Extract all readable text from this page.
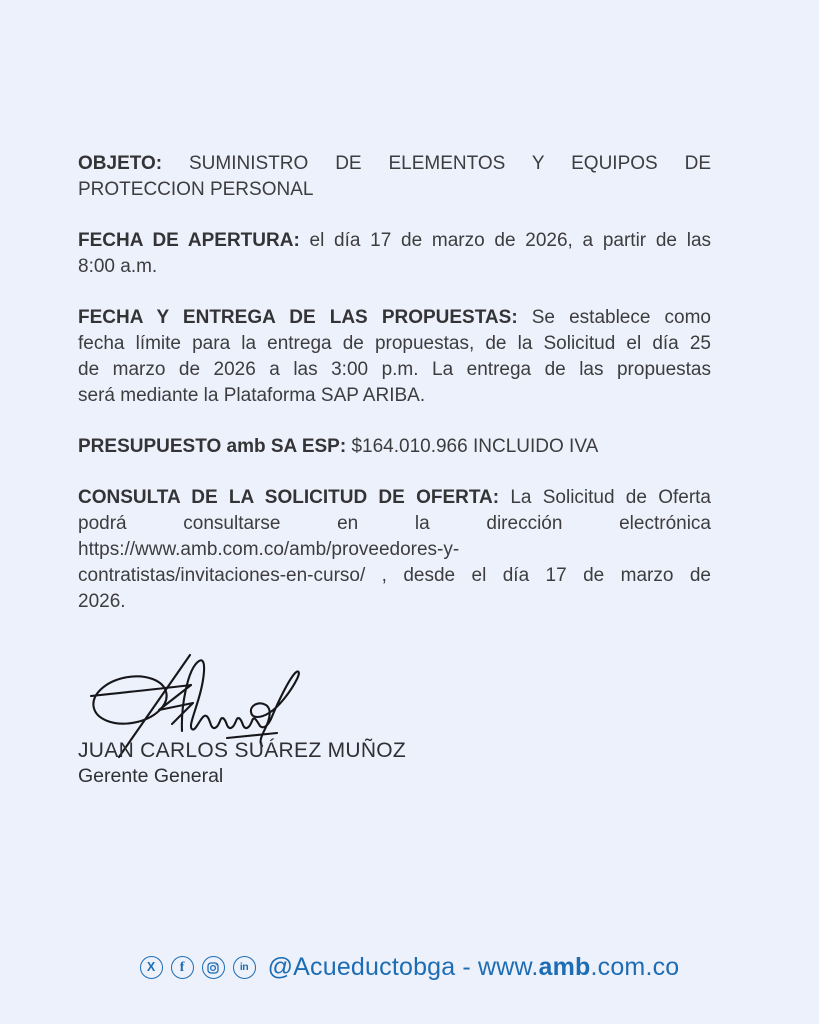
OBJETO: SUMINISTRO DE ELEMENTOS Y EQUIPOS DE
PROTECCION PERSONAL
FECHA DE APERTURA: el día 17 de marzo de 2026, a partir de las
8:00 a.m.
FECHA Y ENTREGA DE LAS PROPUESTAS: Se establece como
fecha límite para la entrega de propuestas, de la Solicitud el día 25
de marzo de 2026 a las 3:00 p.m. La entrega de las propuestas
será mediante la Plataforma SAP ARIBA.
PRESUPUESTO amb SA ESP: $164.010.966 INCLUIDO IVA
CONSULTA DE LA SOLICITUD DE OFERTA: La Solicitud de Oferta
podrá consultarse en la dirección electrónica
https://www.amb.com.co/amb/proveedores-y-
contratistas/invitaciones-en-curso/ , desde el día 17 de marzo de
2026.
JUAN CARLOS SUÁREZ MUÑOZ
Gerente General
X f	in @Acueductobga - www.amb.com.co
